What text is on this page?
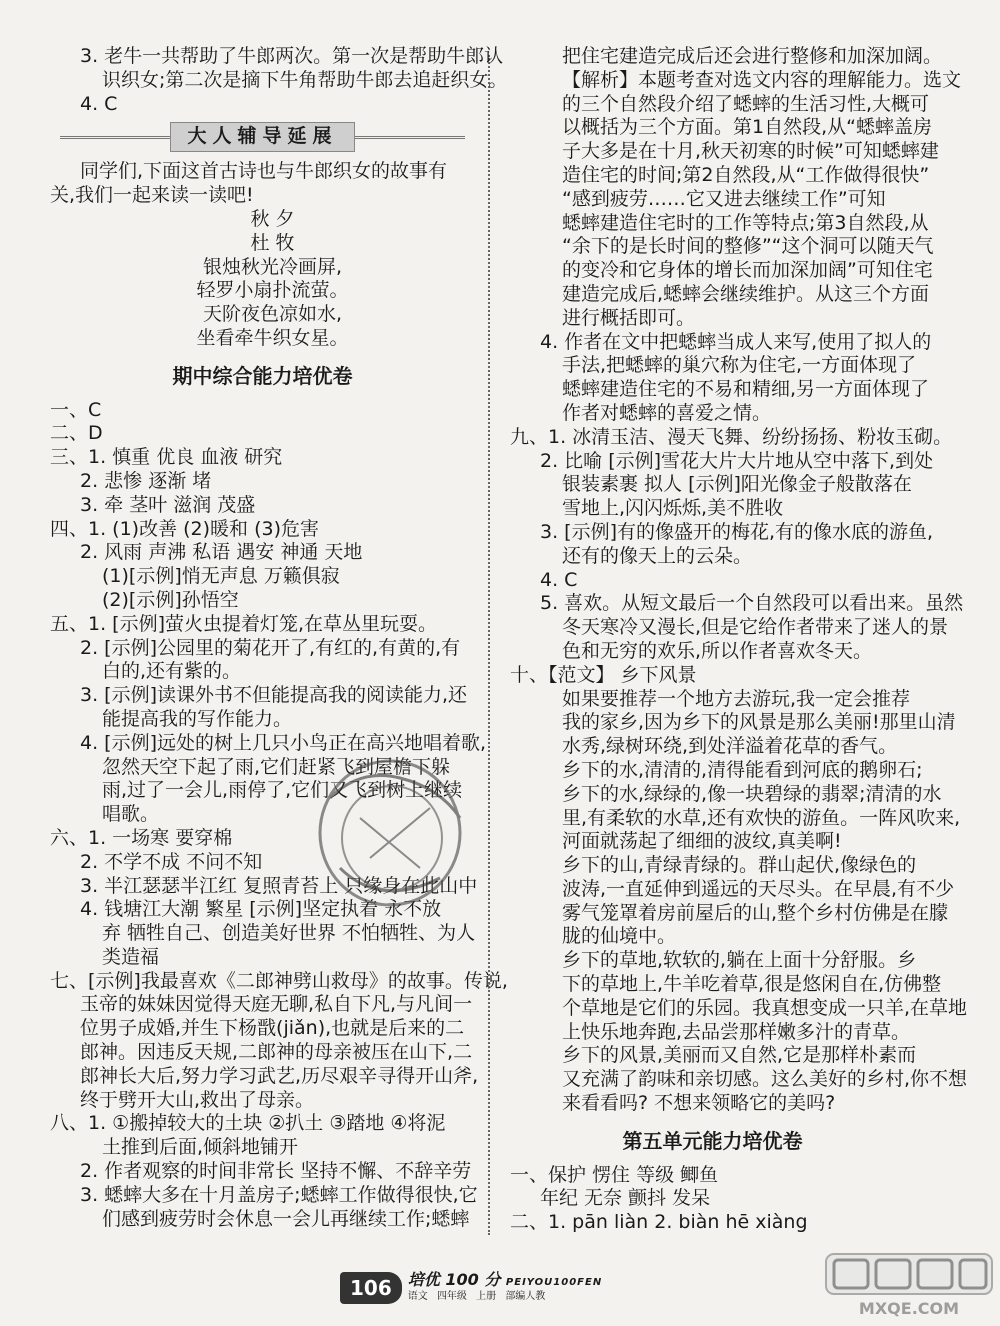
3. 老牛一共帮助了牛郎两次。第一次是帮助牛郎认
识织女;第二次是摘下牛角帮助牛郎去追赶织女。
4. C
大人辅导延展
同学们,下面这首古诗也与牛郎织女的故事有
关,我们一起来读一读吧!
秋 夕
杜 牧
银烛秋光冷画屏,
轻罗小扇扑流萤。
天阶夜色凉如水,
坐看牵牛织女星。
期中综合能力培优卷
一、C
二、D
三、1. 慎重 优良 血液 研究
2. 悲惨 逐渐 堵
3. 牵 茎叶 滋润 茂盛
四、1. (1)改善 (2)暖和 (3)危害
2. 风雨 声沸 私语 遇安 神通 天地
(1)[示例]悄无声息 万籁俱寂
(2)[示例]孙悟空
五、1. [示例]萤火虫提着灯笼,在草丛里玩耍。
2. [示例]公园里的菊花开了,有红的,有黄的,有
白的,还有紫的。
3. [示例]读课外书不但能提高我的阅读能力,还
能提高我的写作能力。
4. [示例]远处的树上几只小鸟正在高兴地唱着歌,
忽然天空下起了雨,它们赶紧飞到屋檐下躲
雨,过了一会儿,雨停了,它们又飞到树上继续
唱歌。
六、1. 一场寒 要穿棉
2. 不学不成 不问不知
3. 半江瑟瑟半江红 复照青苔上 只缘身在此山中
4. 钱塘江大潮 繁星 [示例]坚定执着 永不放
弃 牺牲自己、创造美好世界 不怕牺牲、为人
类造福
七、[示例]我最喜欢《二郎神劈山救母》的故事。传说,
玉帝的妹妹因觉得天庭无聊,私自下凡,与凡间一
位男子成婚,并生下杨戬(jiǎn),也就是后来的二
郎神。因违反天规,二郎神的母亲被压在山下,二
郎神长大后,努力学习武艺,历尽艰辛寻得开山斧,
终于劈开大山,救出了母亲。
八、1. ①搬掉较大的土块 ②扒土 ③踏地 ④将泥
土推到后面,倾斜地铺开
2. 作者观察的时间非常长 坚持不懈、不辞辛劳
3. 蟋蟀大多在十月盖房子;蟋蟀工作做得很快,它
们感到疲劳时会休息一会儿再继续工作;蟋蟀
把住宅建造完成后还会进行整修和加深加阔。
【解析】本题考查对选文内容的理解能力。选文
的三个自然段介绍了蟋蟀的生活习性,大概可
以概括为三个方面。第1自然段,从“蟋蟀盖房
子大多是在十月,秋天初寒的时候”可知蟋蟀建
造住宅的时间;第2自然段,从“工作做得很快”
“感到疲劳……它又进去继续工作”可知
蟋蟀建造住宅时的工作等特点;第3自然段,从
“余下的是长时间的整修”“这个洞可以随天气
的变冷和它身体的增长而加深加阔”可知住宅
建造完成后,蟋蟀会继续维护。从这三个方面
进行概括即可。
4. 作者在文中把蟋蟀当成人来写,使用了拟人的
手法,把蟋蟀的巢穴称为住宅,一方面体现了
蟋蟀建造住宅的不易和精细,另一方面体现了
作者对蟋蟀的喜爱之情。
九、1. 冰清玉洁、漫天飞舞、纷纷扬扬、粉妆玉砌。
2. 比喻 [示例]雪花大片大片地从空中落下,到处
银装素裹 拟人 [示例]阳光像金子般散落在
雪地上,闪闪烁烁,美不胜收
3. [示例]有的像盛开的梅花,有的像水底的游鱼,
还有的像天上的云朵。
4. C
5. 喜欢。从短文最后一个自然段可以看出来。虽然
冬天寒冷又漫长,但是它给作者带来了迷人的景
色和无穷的欢乐,所以作者喜欢冬天。
十、【范文】 乡下风景
如果要推荐一个地方去游玩,我一定会推荐
我的家乡,因为乡下的风景是那么美丽!那里山清
水秀,绿树环绕,到处洋溢着花草的香气。
乡下的水,清清的,清得能看到河底的鹅卵石;
乡下的水,绿绿的,像一块碧绿的翡翠;清清的水
里,有柔软的水草,还有欢快的游鱼。一阵风吹来,
河面就荡起了细细的波纹,真美啊!
乡下的山,青绿青绿的。群山起伏,像绿色的
波涛,一直延伸到遥远的天尽头。在早晨,有不少
雾气笼罩着房前屋后的山,整个乡村仿佛是在朦
胧的仙境中。
乡下的草地,软软的,躺在上面十分舒服。乡
下的草地上,牛羊吃着草,很是悠闲自在,仿佛整
个草地是它们的乐园。我真想变成一只羊,在草地
上快乐地奔跑,去品尝那样嫩多汁的青草。
乡下的风景,美丽而又自然,它是那样朴素而
又充满了韵味和亲切感。这么美好的乡村,你不想
来看看吗? 不想来领略它的美吗?
第五单元能力培优卷
一、保护 愣住 等级 鲫鱼
年纪 无奈 颤抖 发呆
二、1. pān liàn 2. biàn hē xiàng
106	培优 100 分 PEIYOU100FEN
语文 四年级 上册 部编人教
MXQE.COM
